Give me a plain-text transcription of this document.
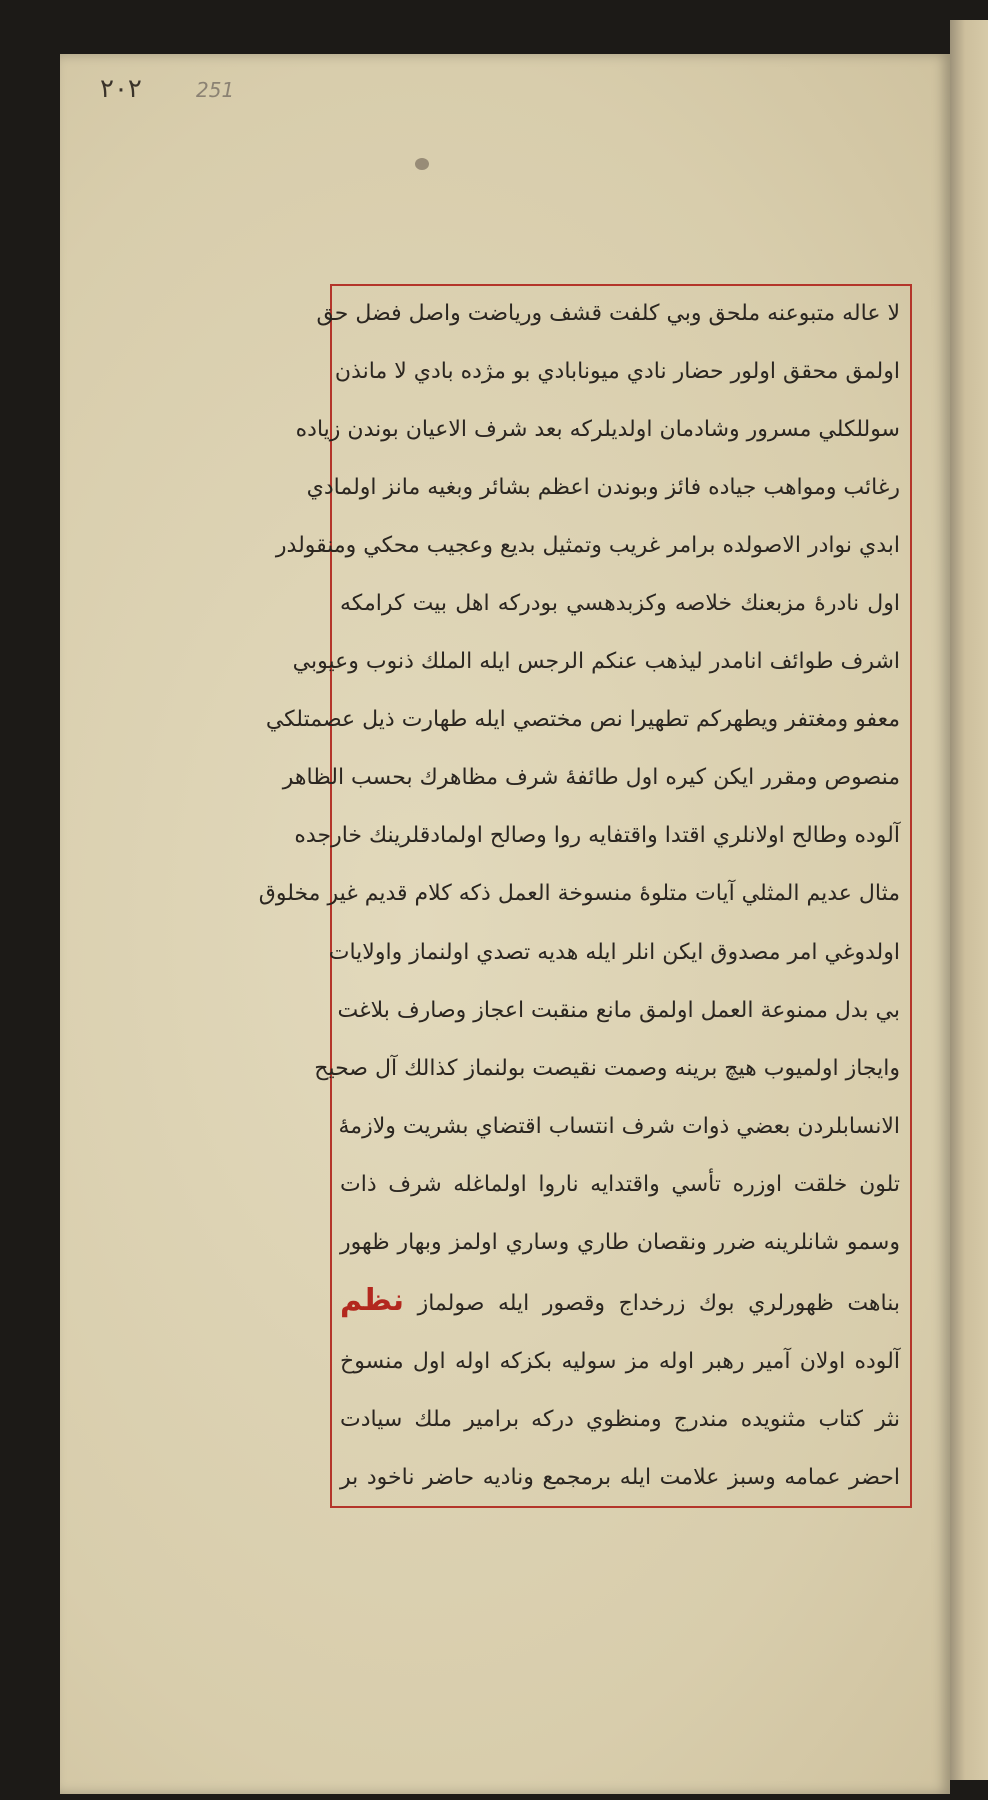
٢٠٢	251
لا عاله متبوعنه ملحق وبي كلفت قشف ورياضت واصل فضل حق
اولمق محقق اولور حضار نادي ميونابادي بو مژده بادي لا مانذن
سوللكلي مسرور وشادمان اولديلركه بعد شرف الاعيان بوندن زياده
رغائب ومواهب جياده فائز وبوندن اعظم بشائر وبغيه مانز اولمادي
ابدي نوادر الاصولده برامر غريب وتمثيل بديع وعجيب محكي ومنقولدر
اول نادرهٔ مزبعنك خلاصه وكزبدهسي بودركه اهل بيت كرامكه
اشرف طوائف انامدر ليذهب عنكم الرجس ايله الملك ذنوب وعيوبي
معفو ومغتفر ويطهركم تطهيرا نص مختصي ايله طهارت ذيل عصمتلكي
منصوص ومقرر ايكن كيره اول طائفهٔ شرف مظاهرك بحسب الظاهر
آلوده وطالح اولانلري اقتدا واقتفايه روا وصالح اولمادقلرينك خارجده
مثال عديم المثلي آيات متلوهٔ منسوخة العمل ذكه كلام قديم غير مخلوق
اولدوغي امر مصدوق ايكن انلر ايله هديه تصدي اولنماز واولايات
بي بدل ممنوعة العمل اولمق مانع منقبت اعجاز وصارف بلاغت
وايجاز اولميوب هيچ برينه وصمت نقيصت بولنماز كذالك آل صحيح
الانسابلردن بعضي ذوات شرف انتساب اقتضاي بشريت ولازمهٔ
تلون خلقت اوزره تأسي واقتدايه ناروا اولماغله شرف ذات
وسمو شانلرينه ضرر ونقصان طاري وساري اولمز وبهار ظهور
بناهت ظهورلري بوك زرخداج وقصور ايله صولماز نظم
آلوده اولان آمير رهبر اوله مز سوليه بكزكه اوله اول منسوخ
نثر كتاب مثنويده مندرج ومنظوي دركه برامير ملك سيادت
احضر عمامه وسبز علامت ايله برمجمع وناديه حاضر ناخود بر
